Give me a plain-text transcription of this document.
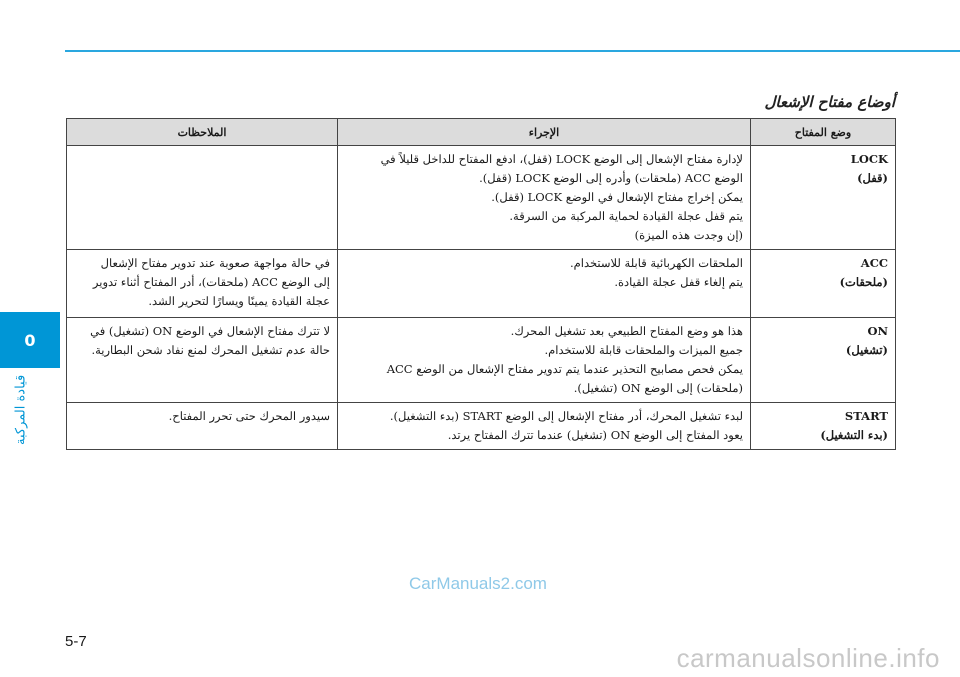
0
قيادة المركبة
أوضاع مفتاح الإشعال
وضع المفتاح	الإجراء	الملاحظات

LOCK
(قفل)	لإدارة مفتاح الإشعال إلى الوضع LOCK (قفل)، ادفع المفتاح للداخل قليلاً في
الوضع ACC (ملحقات) وأدره إلى الوضع LOCK (قفل).
يمكن إخراج مفتاح الإشعال في الوضع LOCK (قفل).
يتم قفل عجلة القيادة لحماية المركبة من السرقة.
(إن وجدت هذه الميزة)	

ACC
(ملحقات)	الملحقات الكهربائية قابلة للاستخدام.
يتم إلغاء قفل عجلة القيادة.	في حالة مواجهة صعوبة عند تدوير مفتاح الإشعال
إلى الوضع ACC (ملحقات)، أدر المفتاح أثناء تدوير
عجلة القيادة يمينًا ويسارًا لتحرير الشد.

ON
(تشغيل)	هذا هو وضع المفتاح الطبيعي بعد تشغيل المحرك.
جميع الميزات والملحقات قابلة للاستخدام.
يمكن فحص مصابيح التحذير عندما يتم تدوير مفتاح الإشعال من الوضع ACC
(ملحقات) إلى الوضع ON (تشغيل).	لا تترك مفتاح الإشعال في الوضع ON (تشغيل) في
حالة عدم تشغيل المحرك لمنع نفاد شحن البطارية.

START
(بدء التشغيل)	لبدء تشغيل المحرك، أدر مفتاح الإشعال إلى الوضع START (بدء التشغيل).
يعود المفتاح إلى الوضع ON (تشغيل) عندما تترك المفتاح يرتد.	سيدور المحرك حتى تحرر المفتاح.
CarManuals2.com
5-7
carmanualsonline.info
